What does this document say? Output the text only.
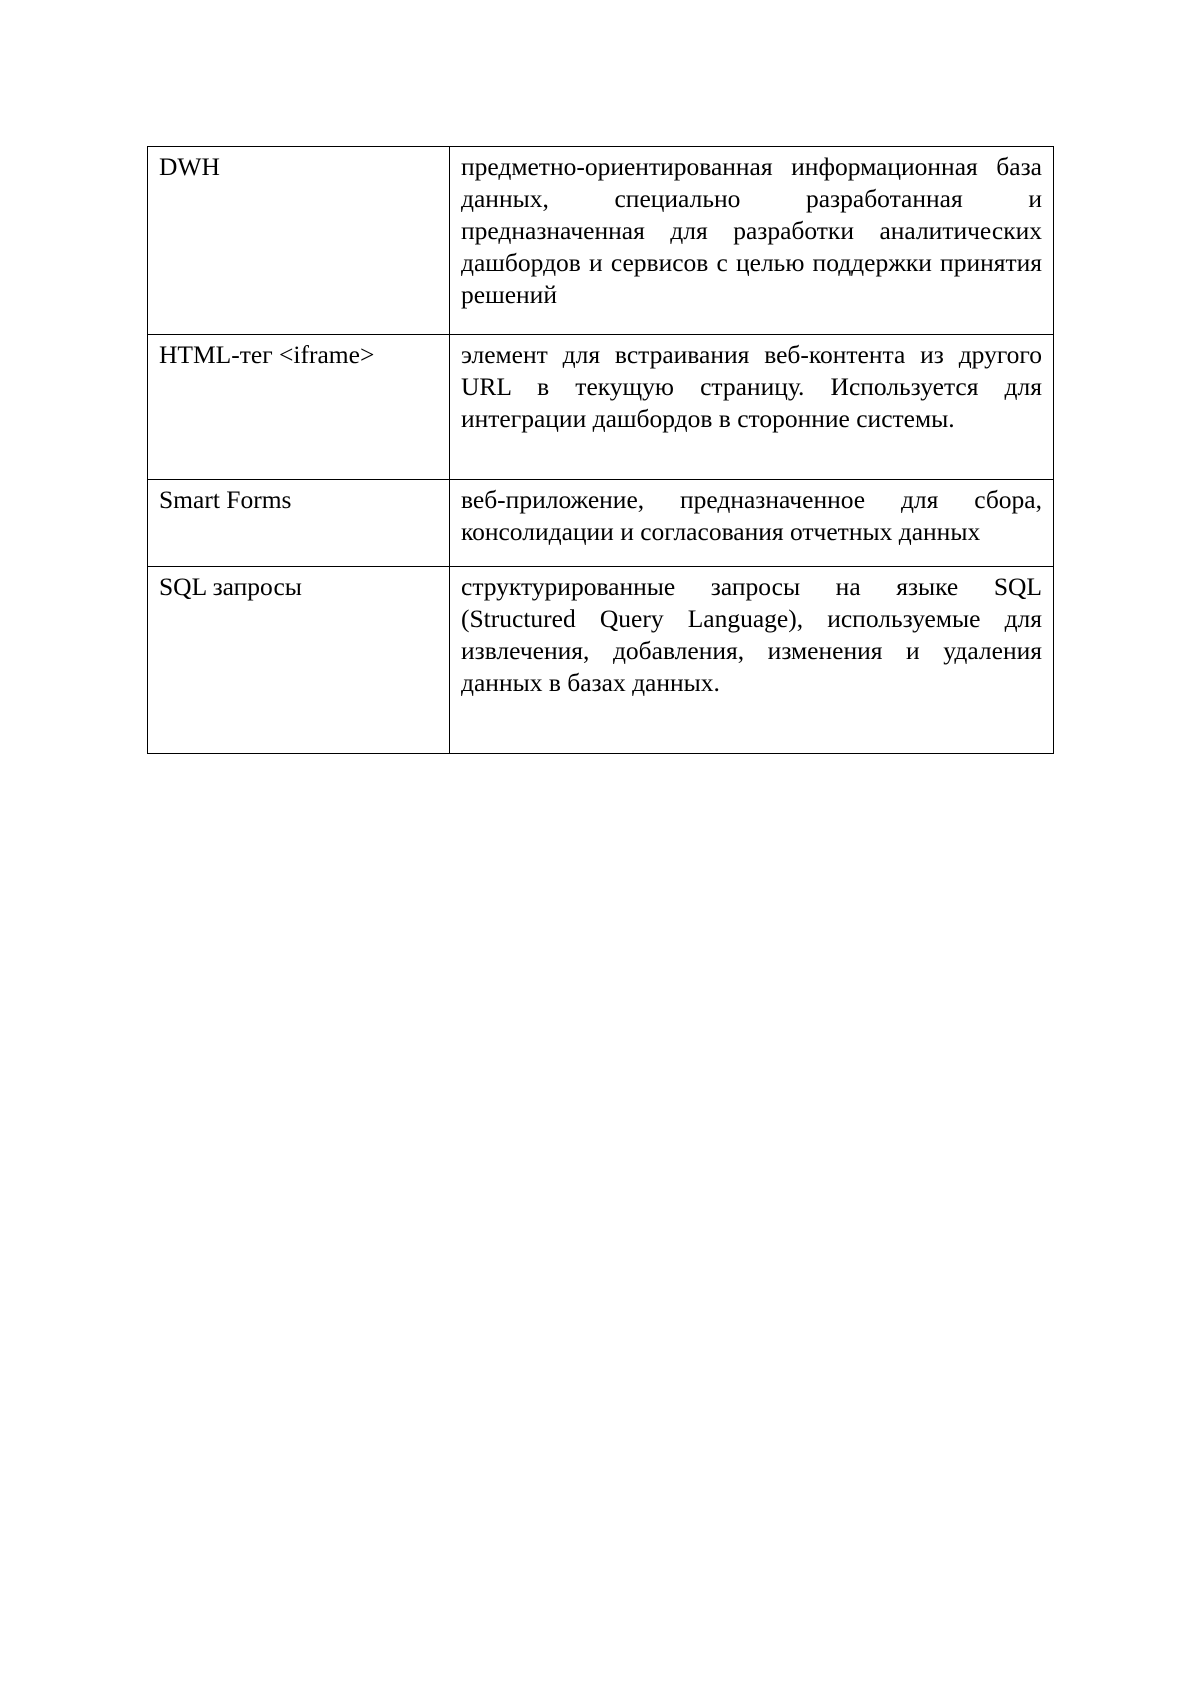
DWH	предметно-ориентированная информационная база данных, специально разработанная и предназначенная для разработки аналитических дашбордов и сервисов с целью поддержки принятия решений
HTML-тег <iframe>	элемент для встраивания веб-контента из другого URL в текущую страницу. Используется для интеграции дашбордов в сторонние системы.
Smart Forms	веб-приложение, предназначенное для сбора, консолидации и согласования отчетных данных
SQL запросы	структурированные запросы на языке SQL (Structured Query Language), используемые для извлечения, добавления, изменения и удаления данных в базах данных.
